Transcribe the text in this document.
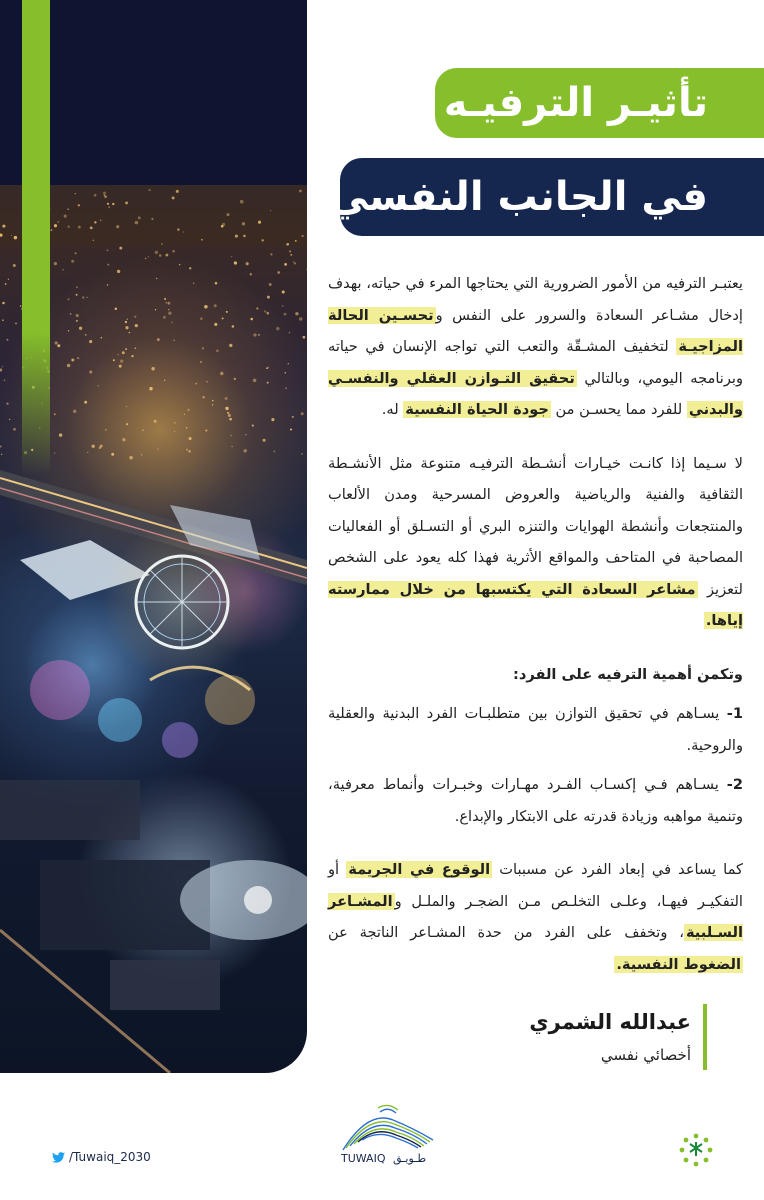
تأثيـر الترفيـه
في الجانب النفسي

يعتبـر الترفيه من الأمور الضرورية التي يحتاجها المرء في حياته، بهدف إدخال مشـاعر السعادة والسرور على النفس وتحسـين الحالة المزاجيـة لتخفيف المشـقّة والتعب التي تواجه الإنسان في حياته وبرنامجه اليومي، وبالتالي تحقيق التـوازن العقلي والنفسـي والبدني للفرد مما يحسـن من جودة الحياة النفسية له.

لا سـيما إذا كانـت خيـارات أنشـطة الترفيـه متنوعة مثل الأنشـطة الثقافية والفنية والرياضية والعروض المسرحية ومدن الألعاب والمنتجعات وأنشطة الهوايات والتنزه البري أو التسـلق أو الفعاليات المصاحبة في المتاحف والمواقع الأثرية فهذا كله يعود على الشخص لتعزيز مشاعر السعادة التي يكتسبها من خلال ممارسته إياها.

وتكمن أهمية الترفيه على الفرد:

1- يسـاهم في تحقيق التوازن بين متطلبـات الفرد البدنية والعقلية والروحية.

2- يسـاهم فـي إكسـاب الفـرد مهـارات وخبـرات وأنماط معرفية، وتنمية مواهبه وزيادة قدرته على الابتكار والإبداع.

كما يساعد في إبعاد الفرد عن مسببات الوقوع في الجريمة أو التفكيـر فيهـا، وعلـى التخلـص مـن الضجـر والملـل والمشـاعر السـلبية، وتخفف على الفرد من حدة المشـاعر الناتجة عن الضغوط النفسية.

عبدالله الشمري
أخصائي نفسي
/Tuwaiq_2030	TUWAIQ طـويـق
